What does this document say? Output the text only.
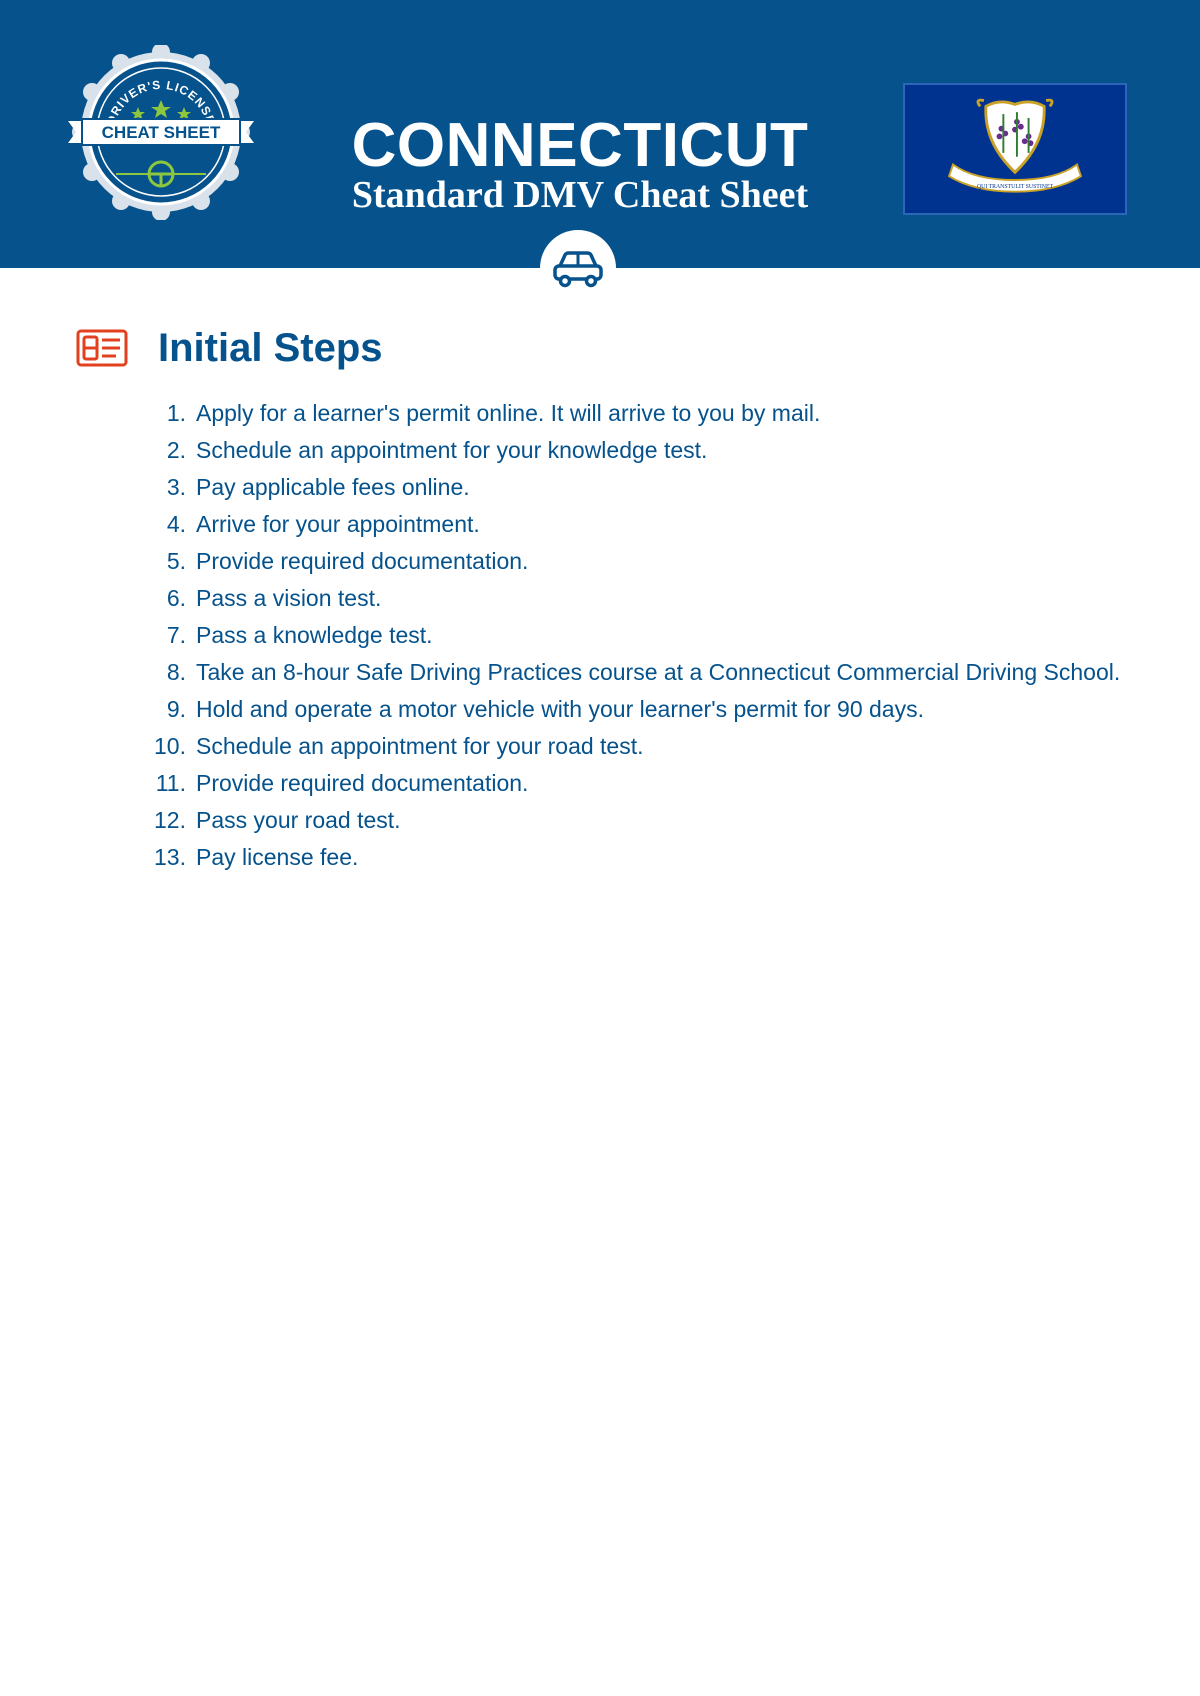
RIVER'S LICENS
CHEAT SHEET	CONNECTICUT
Standard DMV Cheat Sheet	QUI TRANSTULIT SUSTINET
Initial Steps
1. Apply for a learner's permit online. It will arrive to you by mail.
2. Schedule an appointment for your knowledge test.
3. Pay applicable fees online.
4. Arrive for your appointment.
5. Provide required documentation.
6. Pass a vision test.
7. Pass a knowledge test.
8. Take an 8-hour Safe Driving Practices course at a Connecticut Commercial Driving School.
9. Hold and operate a motor vehicle with your learner's permit for 90 days.
10. Schedule an appointment for your road test.
11. Provide required documentation.
12. Pass your road test.
13. Pay license fee.
